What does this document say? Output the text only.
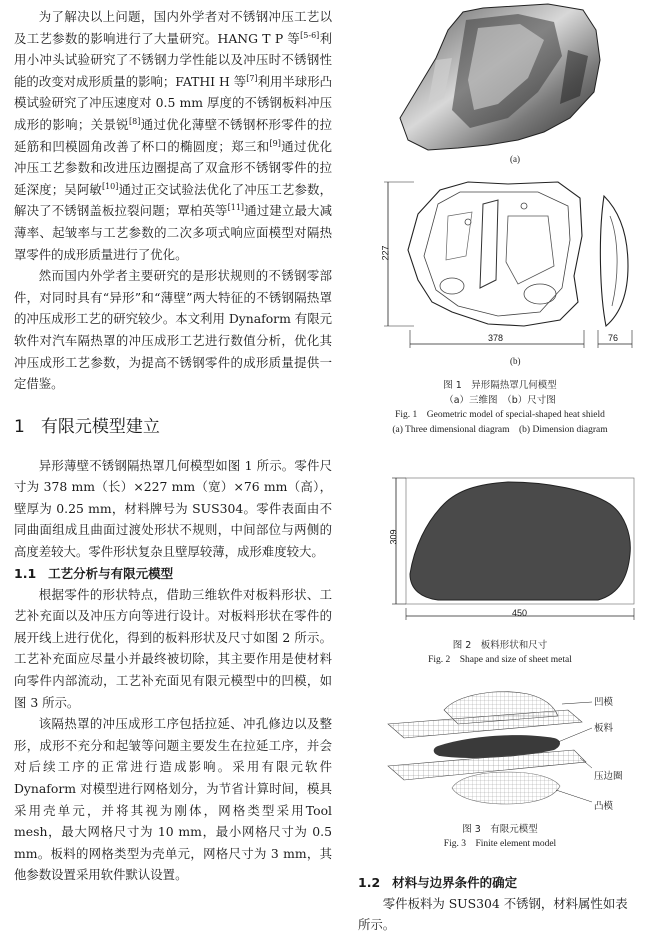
为了解决以上问题，国内外学者对不锈钢冲压工艺以及工艺参数的影响进行了大量研究。HANG T P 等[5-6]利用小冲头试验研究了不锈钢力学性能以及冲压时不锈钢性能的改变对成形质量的影响；FATHI H 等[7]利用半球形凸模试验研究了冲压速度对 0.5 mm 厚度的不锈钢板料冲压成形的影响；关景锐[8]通过优化薄壁不锈钢杯形零件的拉延筋和凹模圆角改善了杯口的椭圆度；郑三和[9]通过优化冲压工艺参数和改进压边圈提高了双盒形不锈钢零件的拉延深度；吴阿敏[10]通过正交试验法优化了冲压工艺参数，解决了不锈钢盖板拉裂问题；覃柏英等[11]通过建立最大减薄率、起皱率与工艺参数的二次多项式响应面模型对隔热罩零件的成形质量进行了优化。

然而国内外学者主要研究的是形状规则的不锈钢零部件，对同时具有“异形”和“薄壁”两大特征的不锈钢隔热罩的冲压成形工艺的研究较少。本文利用 Dynaform 有限元软件对汽车隔热罩的冲压成形工艺进行数值分析，优化其冲压成形工艺参数，为提高不锈钢零件的成形质量提供一定借鉴。

1 有限元模型建立

异形薄壁不锈钢隔热罩几何模型如图 1 所示。零件尺寸为 378 mm（长）×227 mm（宽）×76 mm（高），壁厚为 0.25 mm，材料牌号为 SUS304。零件表面由不同曲面组成且曲面过渡处形状不规则，中间部位与两侧的高度差较大。零件形状复杂且壁厚较薄，成形难度较大。

1.1 工艺分析与有限元模型

根据零件的形状特点，借助三维软件对板料形状、工艺补充面以及冲压方向等进行设计。对板料形状在零件的展开线上进行优化，得到的板料形状及尺寸如图 2 所示。工艺补充面应尽量小并最终被切除，其主要作用是使材料向零件内部流动，工艺补充面见有限元模型中的凹模，如图 3 所示。

该隔热罩的冲压成形工序包括拉延、冲孔修边以及整形，成形不充分和起皱等问题主要发生在拉延工序，并会对后续工序的正常进行造成影响。采用有限元软件 Dynaform 对模型进行网格划分，为节省计算时间，模具采用壳单元，并将其视为刚体，网格类型采用Tool mesh，最大网格尺寸为 10 mm，最小网格尺寸为 0.5 mm。板料的网格类型为壳单元，网格尺寸为 3 mm，其他参数设置采用软件默认设置。

(a)
227
378	76
(b)
图 1　异形隔热罩几何模型
（a）三维图　（b）尺寸图
Fig. 1　Geometric model of special-shaped heat shield
(a) Three dimensional diagram　(b) Dimension diagram
309
450
图 2　板料形状和尺寸
Fig. 2　Shape and size of sheet metal
凹模
板料
压边圈
凸模
图 3　有限元模型
Fig. 3　Finite element model
1.2 材料与边界条件的确定

零件板料为 SUS304 不锈钢，材料属性如表

所示。
